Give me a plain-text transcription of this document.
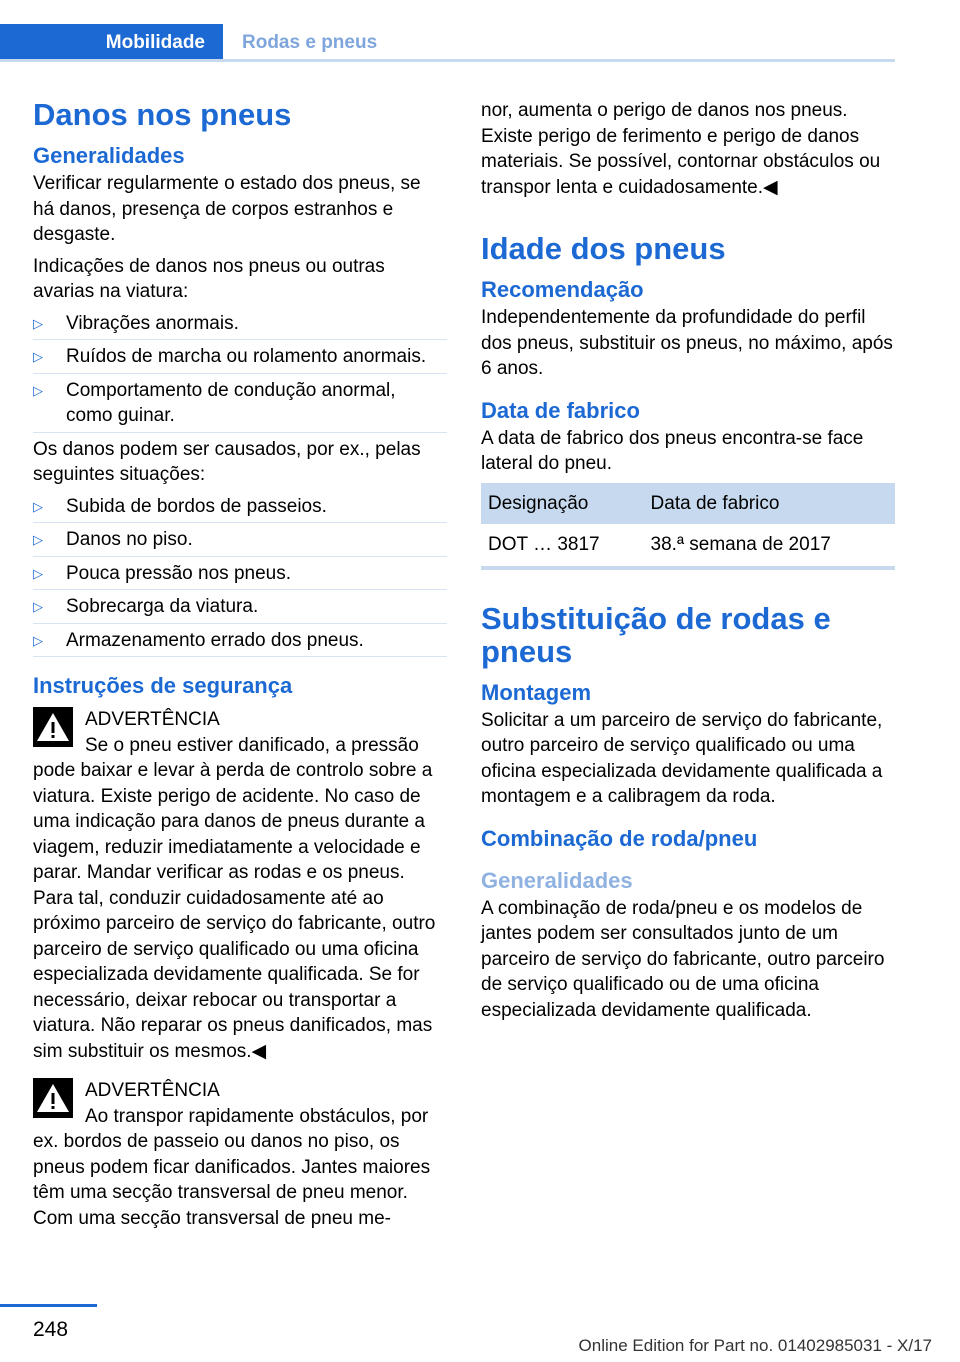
Mobilidade	Rodas e pneus
Danos nos pneus
Generalidades

Verificar regularmente o estado dos pneus, se há danos, presença de corpos estranhos e desgaste.

Indicações de danos nos pneus ou outras avarias na viatura:

▷ Vibrações anormais.
▷ Ruídos de marcha ou rolamento anormais.
▷ Comportamento de condução anormal, como guinar.

Os danos podem ser causados, por ex., pelas seguintes situações:

▷ Subida de bordos de passeios.
▷ Danos no piso.
▷ Pouca pressão nos pneus.
▷ Sobrecarga da viatura.
▷ Armazenamento errado dos pneus.
Instruções de segurança
ADVERTÊNCIA
Se o pneu estiver danificado, a pressão pode baixar e levar à perda de controlo sobre a viatura. Existe perigo de acidente. No caso de uma indicação para danos de pneus durante a viagem, reduzir imediatamente a velocidade e parar. Mandar verificar as rodas e os pneus. Para tal, conduzir cuidadosamente até ao próximo parceiro de serviço do fabricante, outro parceiro de serviço qualificado ou uma oficina especializada devidamente qualificada. Se for necessário, deixar rebocar ou transportar a viatura. Não reparar os pneus danificados, mas sim substituir os mesmos.◀
ADVERTÊNCIA
Ao transpor rapidamente obstáculos, por ex. bordos de passeio ou danos no piso, os pneus podem ficar danificados. Jantes maiores têm uma secção transversal de pneu menor. Com uma secção transversal de pneu me-

nor, aumenta o perigo de danos nos pneus. Existe perigo de ferimento e perigo de danos materiais. Se possível, contornar obstáculos ou transpor lenta e cuidadosamente.◀

Idade dos pneus
Recomendação

Independentemente da profundidade do perfil dos pneus, substituir os pneus, no máximo, após 6 anos.

Data de fabrico

A data de fabrico dos pneus encontra-se face lateral do pneu.

Designação	Data de fabrico
DOT … 3817	38.ª semana de 2017
Substituição de rodas e pneus
Montagem

Solicitar a um parceiro de serviço do fabricante, outro parceiro de serviço qualificado ou uma oficina especializada devidamente qualificada a montagem e a calibragem da roda.

Combinação de roda/pneu
Generalidades

A combinação de roda/pneu e os modelos de jantes podem ser consultados junto de um parceiro de serviço do fabricante, outro parceiro de serviço qualificado ou de uma oficina especializada devidamente qualificada.

248
Online Edition for Part no. 01402985031 - X/17
